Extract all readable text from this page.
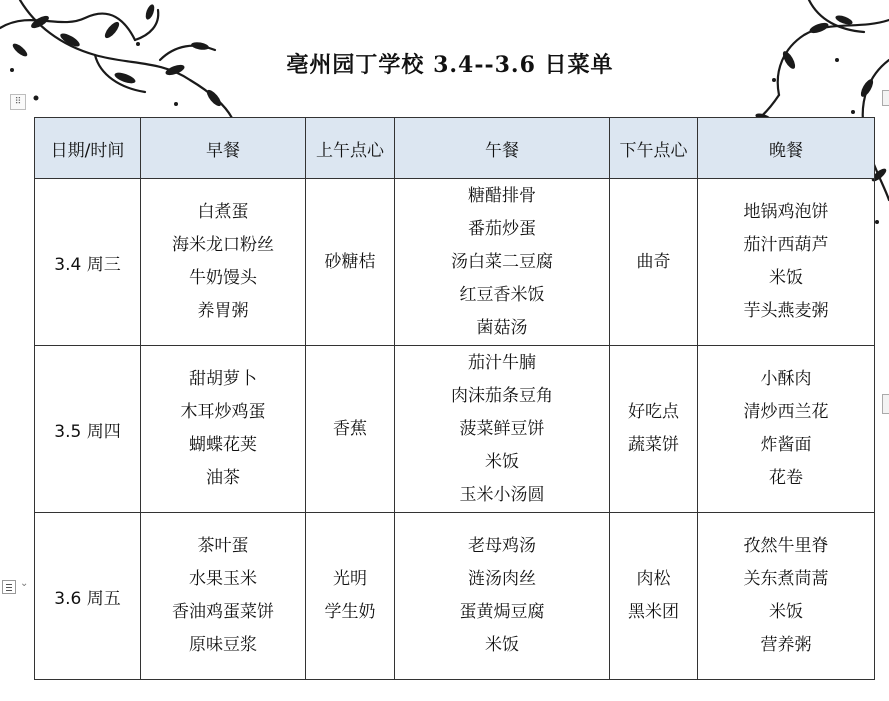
亳州园丁学校 3.4--3.6 日菜单
⠿
⌄
日期/时间	早餐	上午点心	午餐	下午点心	晚餐
3.4 周三	白煮蛋
海米龙口粉丝
牛奶馒头
养胃粥	砂糖桔	糖醋排骨
番茄炒蛋
汤白菜二豆腐
红豆香米饭
菌菇汤	曲奇	地锅鸡泡饼
茄汁西葫芦
米饭
芋头燕麦粥

3.5 周四	甜胡萝卜
木耳炒鸡蛋
蝴蝶花荚
油茶	香蕉	茄汁牛腩
肉沫茄条豆角
菠菜鲜豆饼
米饭
玉米小汤圆	好吃点
蔬菜饼	小酥肉
清炒西兰花
炸酱面
花卷

3.6 周五	茶叶蛋
水果玉米
香油鸡蛋菜饼
原味豆浆	光明
学生奶	老母鸡汤
涟汤肉丝
蛋黄焗豆腐
米饭	肉松
黑米团	孜然牛里脊
关东煮茼蒿
米饭
营养粥
